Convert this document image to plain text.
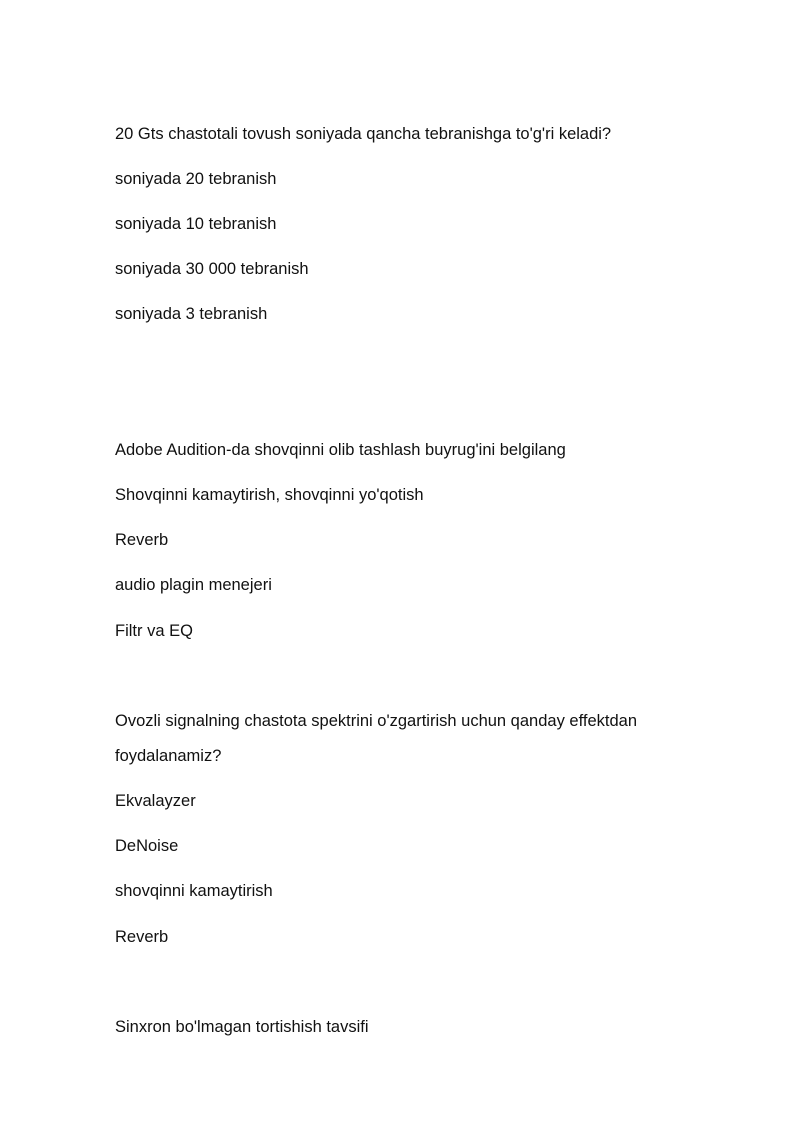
20 Gts chastotali tovush soniyada qancha tebranishga to'g'ri keladi?
soniyada 20 tebranish
soniyada 10 tebranish
soniyada 30 000 tebranish
soniyada 3 tebranish
Adobe Audition-da shovqinni olib tashlash buyrug'ini belgilang
Shovqinni kamaytirish, shovqinni yo'qotish
Reverb
audio plagin menejeri
Filtr va EQ
Ovozli signalning chastota spektrini o'zgartirish uchun qanday effektdan
foydalanamiz?
Ekvalayzer
DeNoise
shovqinni kamaytirish
Reverb
Sinxron bo'lmagan tortishish tavsifi
